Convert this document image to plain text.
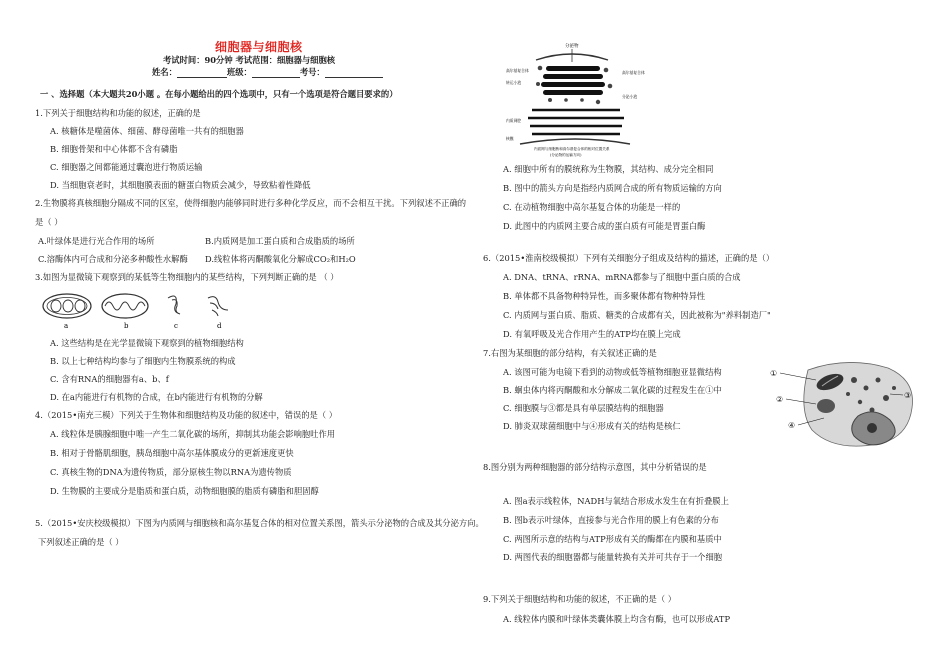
细胞器与细胞核
考试时间：90分钟 考试范围：细胞器与细胞核
姓名：	班级：	考号：
一 、选择题（本大题共20小题 。在每小题给出的四个选项中，只有一个选项是符合题目要求的）
1.下列关于细胞结构和功能的叙述，正确的是
A. 核糖体是噬菌体、细菌、酵母菌唯一共有的细胞器
B. 细胞骨架和中心体都不含有磷脂
C. 细胞器之间都能通过囊泡进行物质运输
D. 当细胞衰老时，其细胞膜表面的糖蛋白物质会减少，导致粘着性降低
2.生物膜将真核细胞分隔成不同的区室，使得细胞内能够同时进行多种化学反应，而不会相互干扰。下列叙述不正确的
是（ ）
A.叶绿体是进行光合作用的场所	B.内质网是加工蛋白质和合成脂质的场所
C.溶酶体内可合成和分泌多种酸性水解酶 D.线粒体将丙酮酸氧化分解成CO₂和H₂O
3.如图为显微镜下观察到的某低等生物细胞内的某些结构，下列判断正确的是 （ ）
a	b	c	d
A. 这些结构是在光学显微镜下观察到的植物细胞结构
B. 以上七种结构均参与了细胞内生物膜系统的构成
C. 含有RNA的细胞器有a、b、f
D. 在a内能进行有机物的合成，在b内能进行有机物的分解
4.（2015•南充三模）下列关于生物体和细胞结构及功能的叙述中，错误的是（ ）
A. 线粒体是胰腺细胞中唯一产生二氧化碳的场所，抑制其功能会影响胞吐作用
B. 相对于骨骼肌细胞，胰岛细胞中高尔基体膜成分的更新速度更快
C. 真核生物的DNA为遗传物质，部分原核生物以RNA为遗传物质
D. 生物膜的主要成分是脂质和蛋白质，动物细胞膜的脂质有磷脂和胆固醇
5.（2015•安庆校级模拟）下图为内质网与细胞核和高尔基复合体的相对位置关系图，箭头示分泌物的合成及其分泌方向。
下列叙述正确的是（ ）
分泌物
高尔基复合体
转运小泡
高尔基复合体
分泌小泡
内质网腔
核膜
内质网与细胞核和高尔基复合体的相对位置关系
(分泌物的运输方向)
A. 细胞中所有的膜统称为生物膜，其结构、成分完全相同
B. 图中的箭头方向是指经内质网合成的所有物质运输的方向
C. 在动植物细胞中高尔基复合体的功能是一样的
D. 此图中的内质网主要合成的蛋白质有可能是胃蛋白酶
6.（2015•淮南校级模拟）下列有关细胞分子组成及结构的描述，正确的是（）
A. DNA、tRNA、rRNA、mRNA都参与了细胞中蛋白质的合成
B. 单体都不具备物种特异性，而多聚体都有物种特异性
C. 内质网与蛋白质、脂质、糖类的合成都有关，因此被称为"养料制造厂"
D. 有氧呼吸及光合作用产生的ATP均在膜上完成
7.右图为某细胞的部分结构，有关叙述正确的是
A. 该图可能为电镜下看到的动物或低等植物细胞亚显微结构
B. 蛔虫体内将丙酮酸和水分解成二氧化碳的过程发生在①中
C. 细胞膜与③都是具有单层膜结构的细胞器
D. 肺炎双球菌细胞中与④形成有关的结构是核仁
①
②	③
④
8.图分别为两种细胞器的部分结构示意图，其中分析错误的是
A. 图a表示线粒体，NADH与氧结合形成水发生在有折叠膜上
B. 图b表示叶绿体，直接参与光合作用的膜上有色素的分布
C. 两图所示意的结构与ATP形成有关的酶都在内膜和基质中
D. 两图代表的细胞器都与能量转换有关并可共存于一个细胞
9.下列关于细胞结构和功能的叙述，不正确的是（ ）
A. 线粒体内膜和叶绿体类囊体膜上均含有酶，也可以形成ATP
